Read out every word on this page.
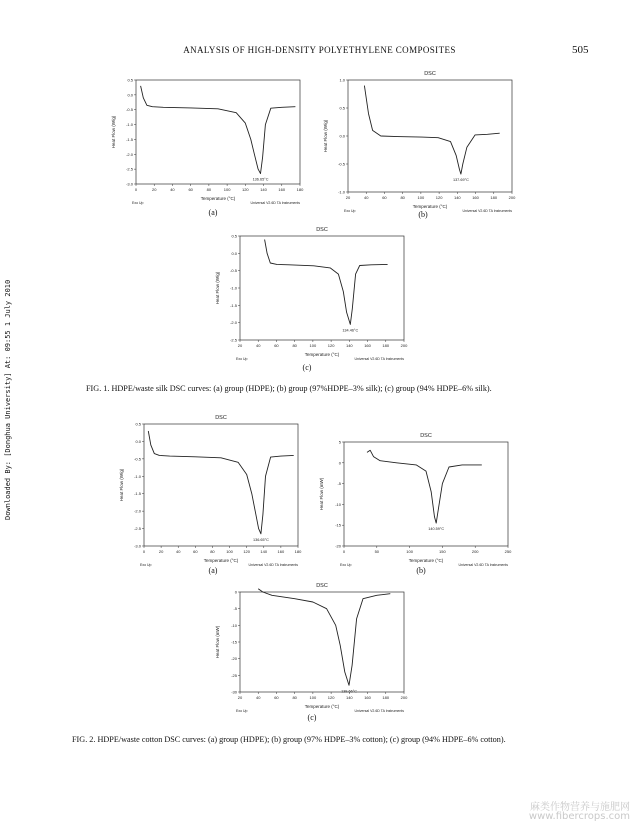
ANALYSIS OF HIGH-DENSITY POLYETHYLENE COMPOSITES	505
Downloaded By: [Donghua University] At: 09:55 1 July 2010
0	20	40	60	80	100	120	140	160	180
0.5
0.0
-0.5
-1.0
-1.5
-2.0
-2.5
-3.0
Temperature (°C)
Heat Flow (W/g)
Exo Up	Universal V2.6D TA Instruments
136.65°C
(a)
DSC
20	40	60	80	100	120	140	160	180	200
1.0
0.5
0.0
-0.5
-1.0
Temperature (°C)
Heat Flow (W/g)
Exo Up	Universal V2.6D TA Instruments
137.69°C
(b)
DSC
20	40	60	80	100	120	140	160	180	200
0.5
0.0
-0.5
-1.0
-1.5
-2.0
-2.5
Temperature (°C)
Heat Flow (W/g)
Exo Up	Universal V2.6D TA Instruments
134.46°C
(c)
FIG. 1. HDPE/waste silk DSC curves: (a) group (HDPE); (b) group (97%HDPE–3% silk); (c) group (94% HDPE–6% silk).
DSC
0	20	40	60	80	100	120	140	160	180
0.5
0.0
-0.5
-1.0
-1.5
-2.0
-2.5
-3.0
Temperature (°C)
Heat Flow (W/g)
Exo Up	Universal V2.6D TA Instruments
136.65°C
(a)
DSC
0	50	100	150	200	250
5
0
-5
-10
-15
-20
Temperature (°C)
Heat Flow (mW)
Exo Up	Universal V2.6D TA Instruments
140.59°C
(b)
DSC
20	40	60	80	100	120	140	160	180	200
0
-5
-10
-15
-20
-25
-30
Temperature (°C)
Heat Flow (mW)
Exo Up	Universal V2.6D TA Instruments
139.66°C
(c)
FIG. 2. HDPE/waste cotton DSC curves: (a) group (HDPE); (b) group (97% HDPE–3% cotton); (c) group (94% HDPE–6% cotton).
麻类作物营养与施肥网
www.fibercrops.com
